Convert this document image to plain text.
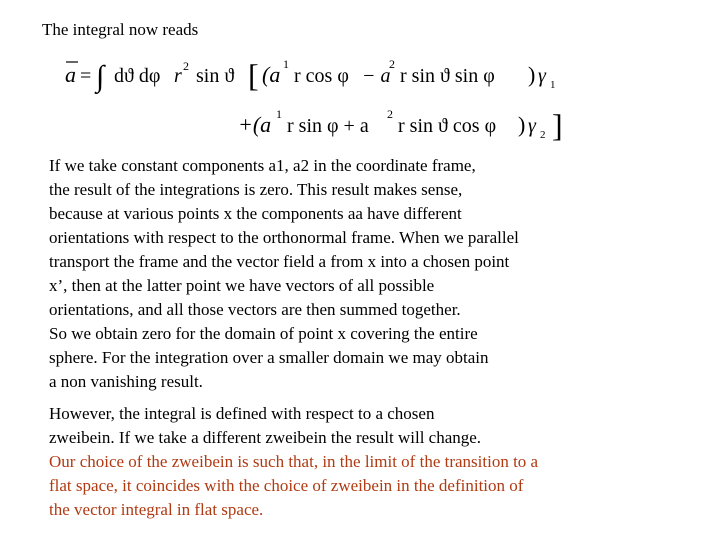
The integral now reads
a = ∫ dϑ dφ r 2 sin ϑ [ (a 1
r cos φ − a
2
r sin ϑ sin φ ) γ 1
+(a 1
r sin φ + a
2
r sin ϑ cos φ ) γ 2 ]
If we take constant components a1, a2 in the coordinate frame,
the result of the integrations is zero. This result makes sense,
because at various points x the components aa have different
orientations with respect to the orthonormal frame. When we parallel
transport the frame and the vector field a from x into a chosen point
x’, then at the latter point we have vectors of all possible
orientations, and all those vectors are then summed together.
So we obtain zero for the domain of point x covering the entire
sphere. For the integration over a smaller domain we may obtain
a non vanishing result.
However, the integral is defined with respect to a chosen
zweibein. If we take a different zweibein the result will change.
Our choice of the zweibein is such that, in the limit of the transition to a
flat space, it coincides with the choice of zweibein in the definition of
the vector integral in flat space.
